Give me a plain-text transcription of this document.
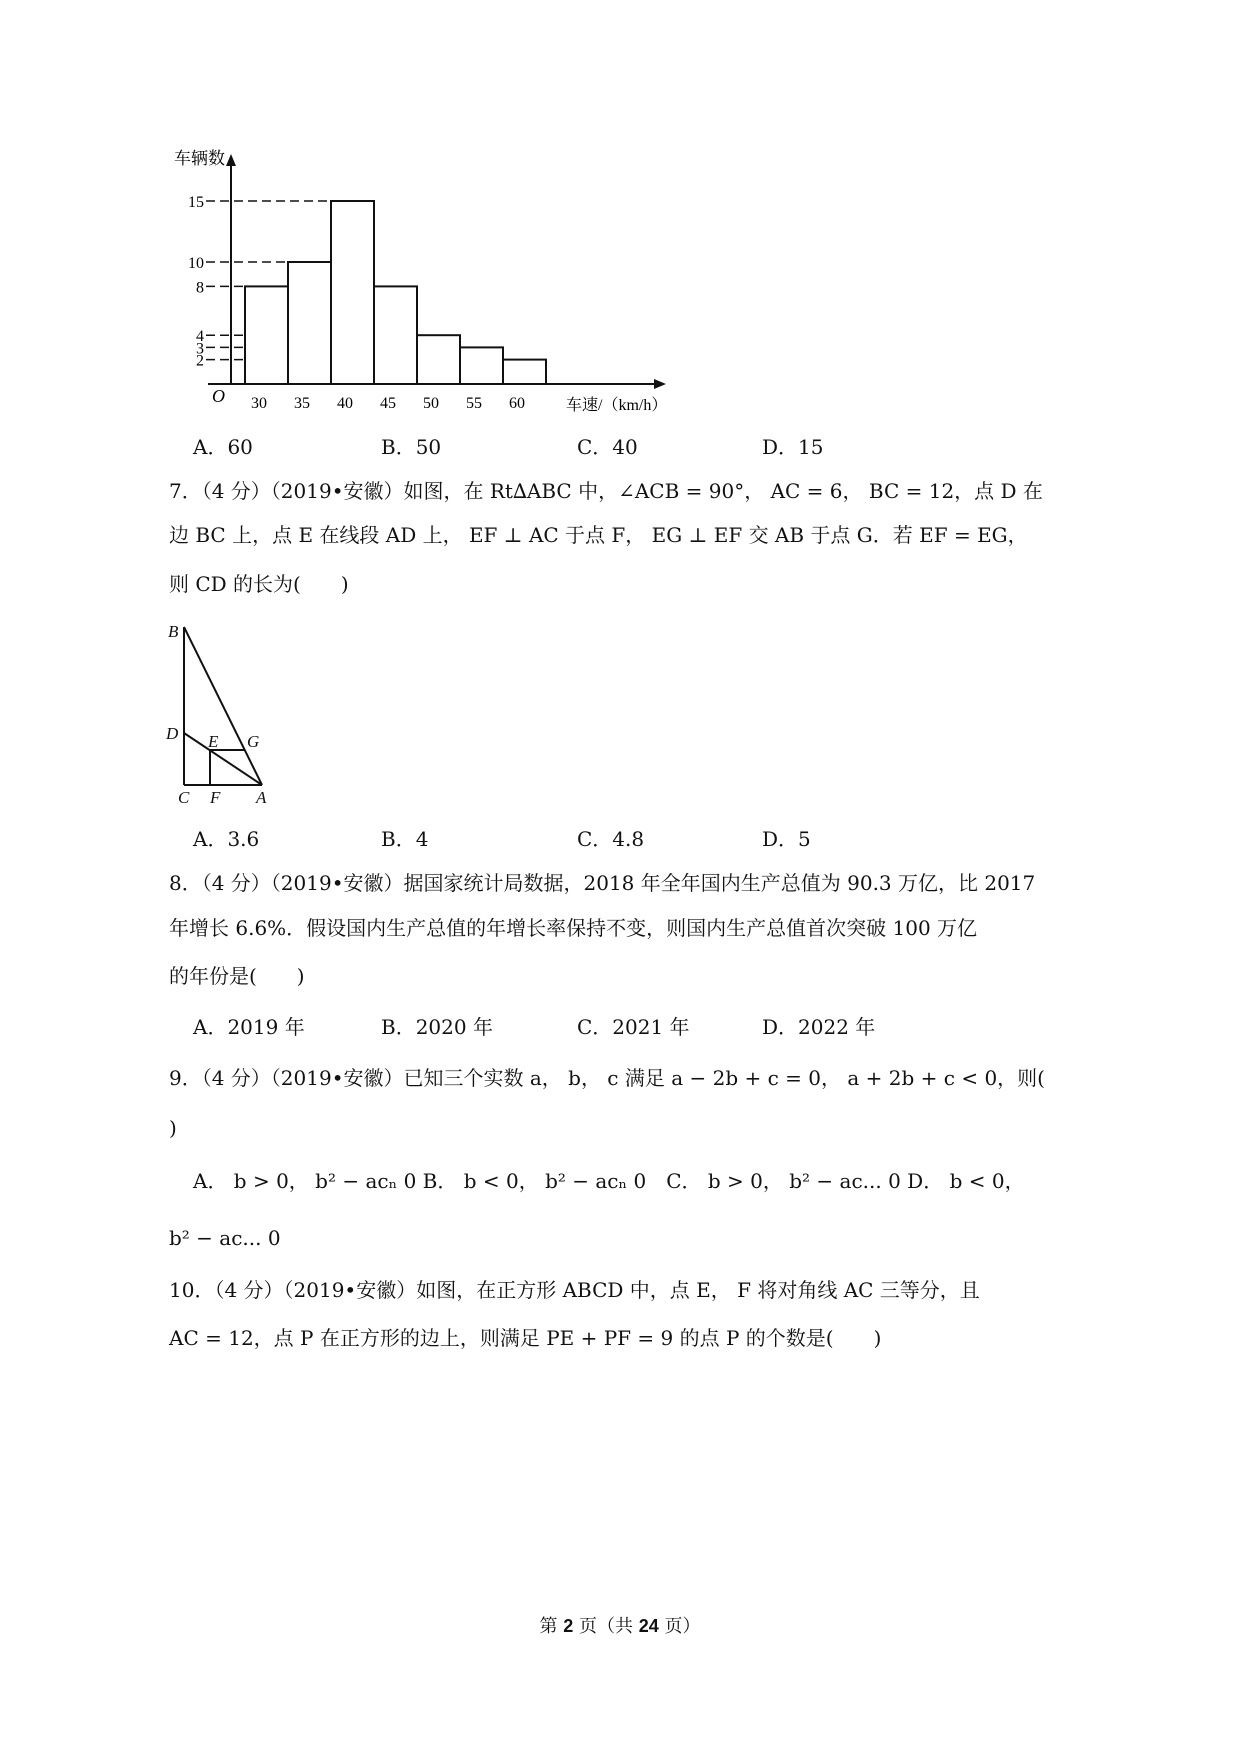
2
3
4
8
10
15
30 35 40 45 50 55 60
车辆数
车速/（km/h）
O
A．60	B．50	C．40	D．15
7．（4 分）（2019•安徽）如图，在 Rt∆ABC 中，∠ACB = 90°， AC = 6， BC = 12，点 D 在
边 BC 上，点 E 在线段 AD 上， EF ⊥ AC 于点 F， EG ⊥ EF 交 AB 于点 G．若 EF = EG，
则 CD 的长为(　　)
B
D E G
C F A
A．3.6	B．4	C．4.8	D．5
8．（4 分）（2019•安徽）据国家统计局数据，2018 年全年国内生产总值为 90.3 万亿，比 2017
年增长 6.6%．假设国内生产总值的年增长率保持不变，则国内生产总值首次突破 100 万亿
的年份是(　　)
A．2019 年	B．2020 年	C．2021 年	D．2022 年
9．（4 分）（2019•安徽）已知三个实数 a， b， c 满足 a − 2b + c = 0， a + 2b + c < 0，则(
)
A． b > 0， b² − acₙ 0 B． b < 0， b² − acₙ 0　C． b > 0， b² − ac... 0 D． b < 0，
b² − ac... 0
10．（4 分）（2019•安徽）如图，在正方形 ABCD 中，点 E， F 将对角线 AC 三等分，且
AC = 12，点 P 在正方形的边上，则满足 PE + PF = 9 的点 P 的个数是(　　)
第 2 页（共 24 页）
